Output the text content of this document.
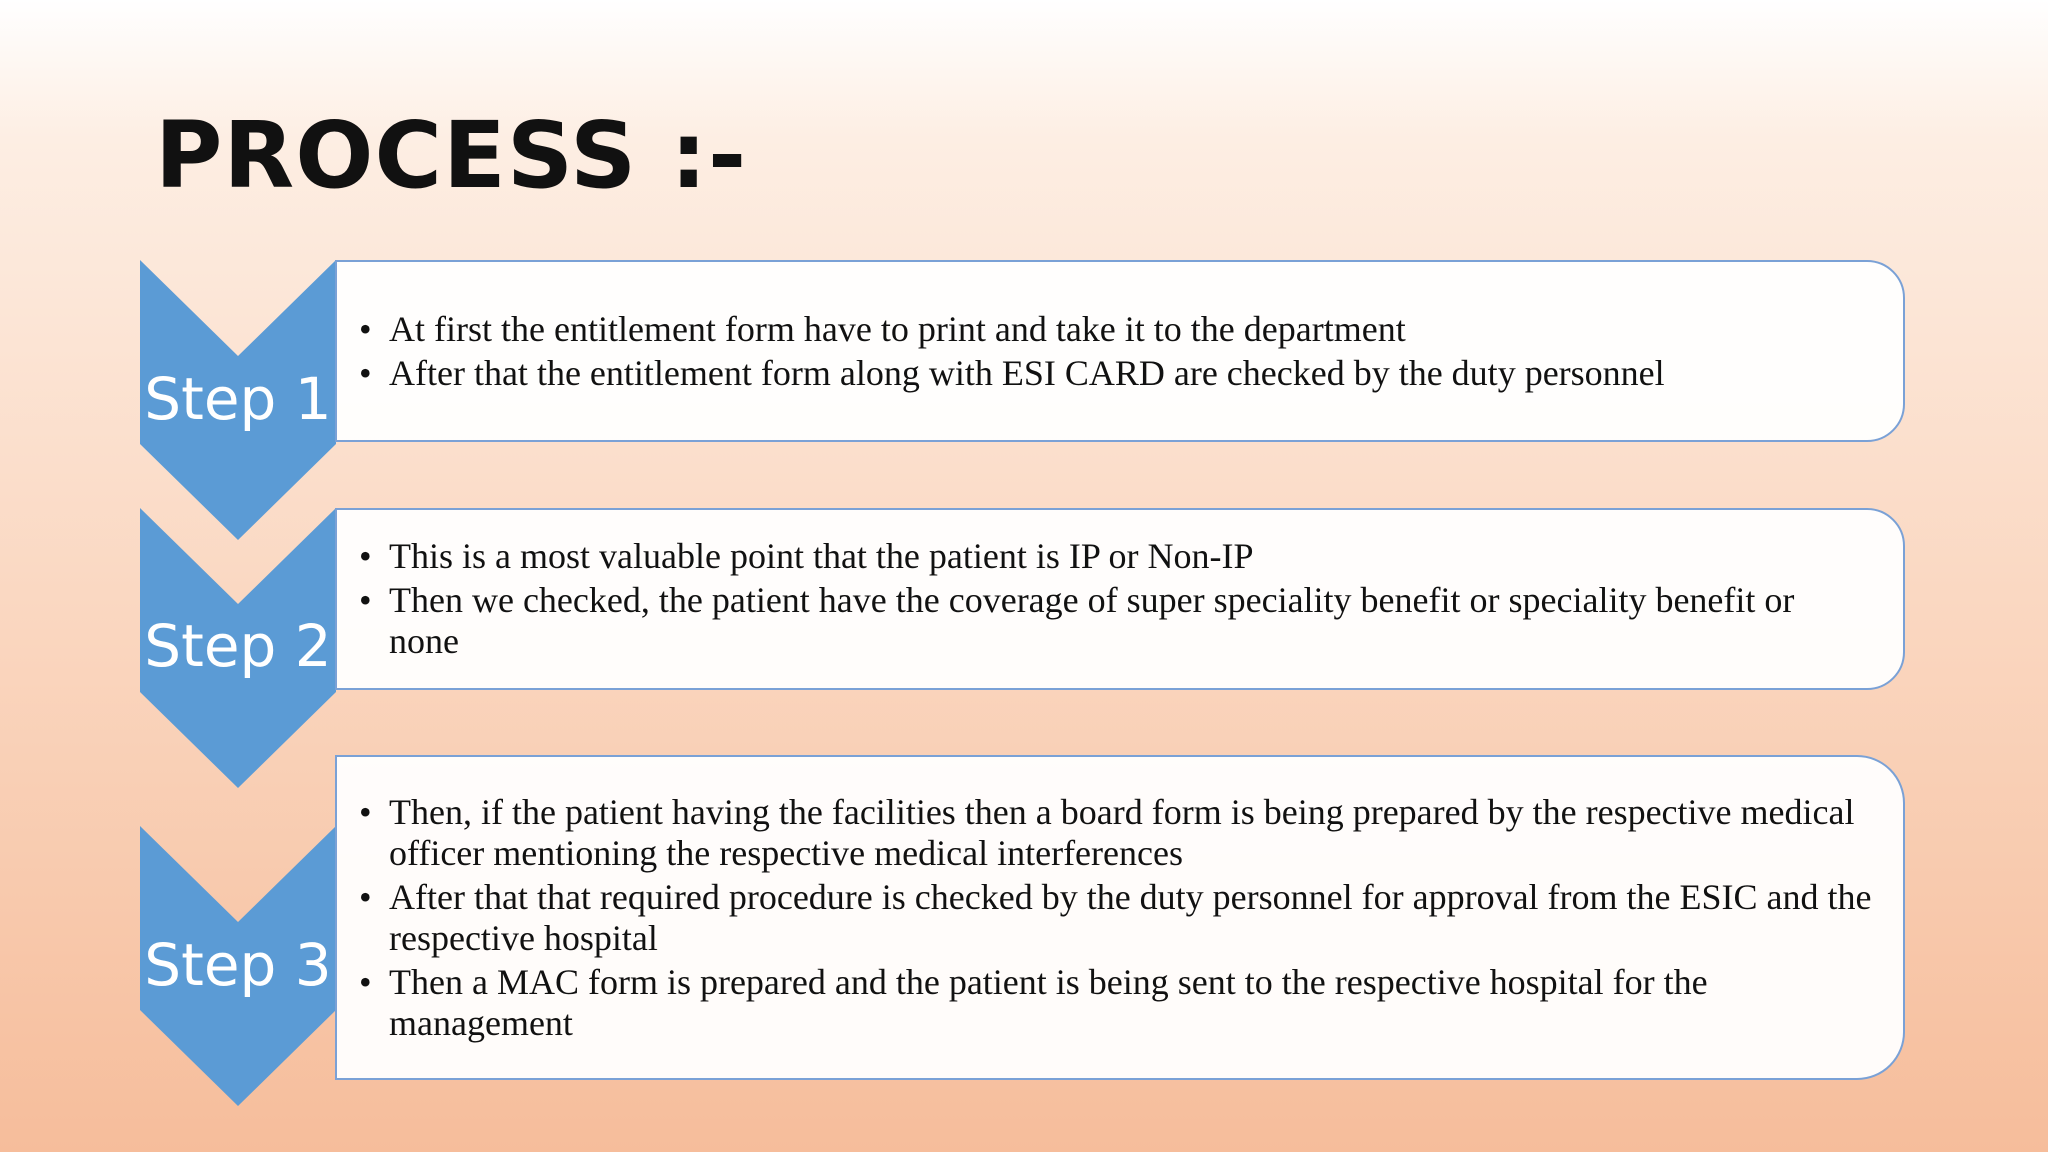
PROCESS :-
Step 1
• At first the entitlement form have to print and take it to the department
• After that the entitlement form along with ESI CARD are checked by the duty personnel
Step 2
• This is a most valuable point that the patient is IP or Non-IP
• Then we checked, the patient have the coverage of super speciality benefit or speciality benefit or none
Step 3
• Then, if the patient having the facilities then a board form is being prepared by the respective medical officer mentioning the respective medical interferences
• After that that required procedure is checked by the duty personnel for approval from the ESIC and the respective hospital
• Then a MAC form is prepared and the patient is being sent to the respective hospital for the management
